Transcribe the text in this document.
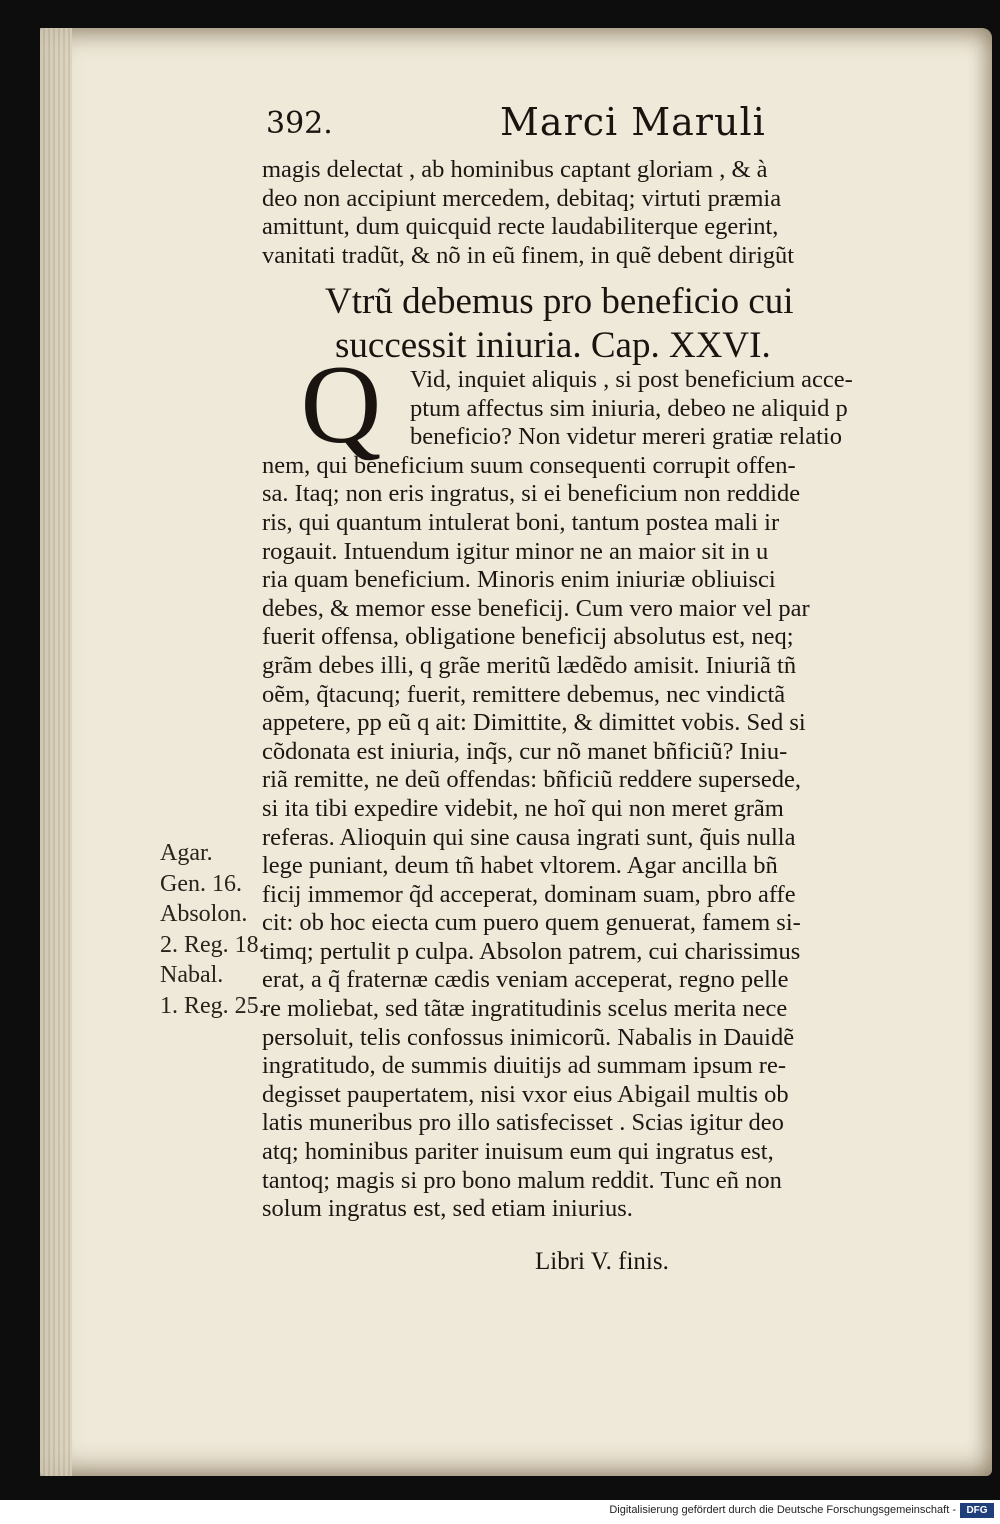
392.	Marci Maruli
magis delectat , ab hominibus captant gloriam , & à
deo non accipiunt mercedem, debitaq; virtuti præmia
amittunt, dum quicquid recte laudabiliterque egerint,
vanitati tradũt, & nõ in eũ finem, in quẽ debent dirigũt
Vtrũ debemus pro beneficio cui
successit iniuria. Cap. XXVI.
Q	Vid, inquiet aliquis , si post beneficium acce-
ptum affectus sim iniuria, debeo ne aliquid p
beneficio? Non videtur mereri gratiæ relatio
nem, qui beneficium suum consequenti corrupit offen-
sa. Itaq; non eris ingratus, si ei beneficium non reddide
ris, qui quantum intulerat boni, tantum postea mali ir
rogauit. Intuendum igitur minor ne an maior sit in u
ria quam beneficium. Minoris enim iniuriæ obliuisci
debes, & memor esse beneficij. Cum vero maior vel par
fuerit offensa, obligatione beneficij absolutus est, neq;
grãm debes illi, q grãe meritũ lædẽdo amisit. Iniuriã tñ
oẽm, q̃tacunq; fuerit, remittere debemus, nec vindictã
appetere, pp eũ q ait: Dimittite, & dimittet vobis. Sed si
cõdonata est iniuria, inq̃s, cur nõ manet bñficiũ? Iniu-
riã remitte, ne deũ offendas: bñficiũ reddere supersede,
si ita tibi expedire videbit, ne hoĩ qui non meret grãm
referas. Alioquin qui sine causa ingrati sunt, q̃uis nulla
lege puniant, deum tñ habet vltorem. Agar ancilla bñ
ficij immemor q̃d acceperat, dominam suam, pbro affe
cit: ob hoc eiecta cum puero quem genuerat, famem si-
timq; pertulit p culpa. Absolon patrem, cui charissimus
erat, a q̃ fraternæ cædis veniam acceperat, regno pelle
re moliebat, sed tãtæ ingratitudinis scelus merita nece
persoluit, telis confossus inimicorũ. Nabalis in Dauidẽ
ingratitudo, de summis diuitijs ad summam ipsum re-
degisset paupertatem, nisi vxor eius Abigail multis ob
latis muneribus pro illo satisfecisset . Scias igitur deo
atq; hominibus pariter inuisum eum qui ingratus est,
tantoq; magis si pro bono malum reddit. Tunc eñ non
solum ingratus est, sed etiam iniurius.
Libri V. finis.
Agar.
Gen. 16.
Absolon.
2. Reg. 18.
Nabal.
1. Reg. 25.
Digitalisierung gefördert durch die Deutsche Forschungsgemeinschaft -	DFG
